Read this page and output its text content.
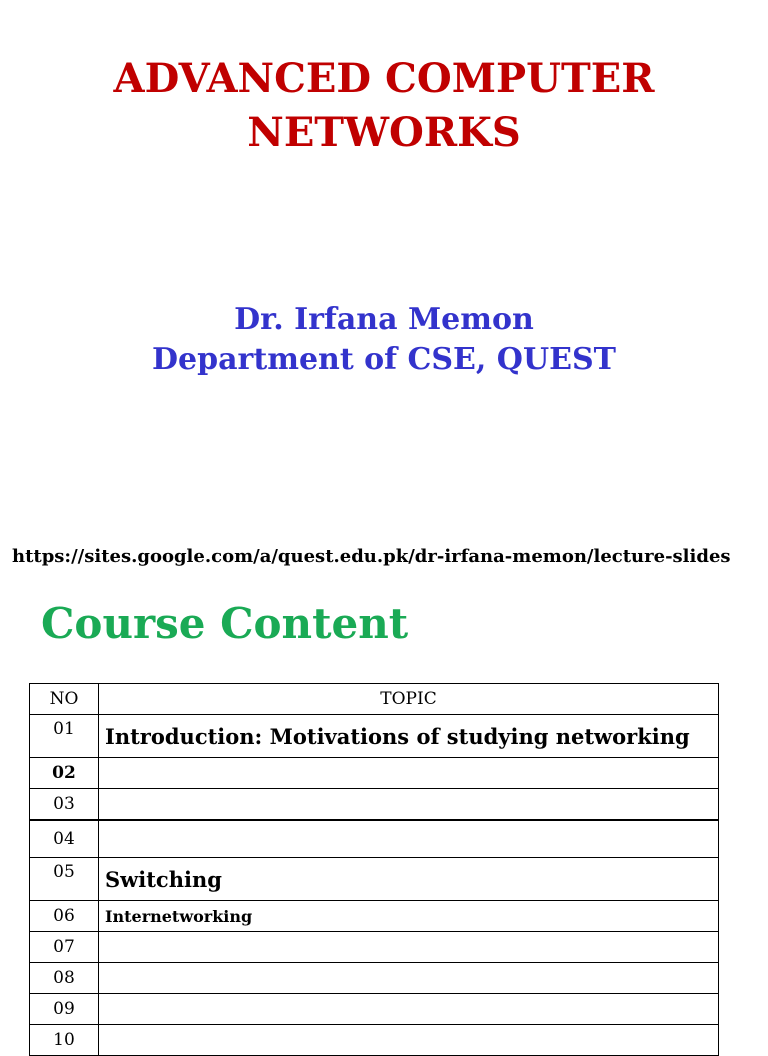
ADVANCED COMPUTER
NETWORKS
Dr. Irfana Memon
Department of CSE, QUEST
https://sites.google.com/a/quest.edu.pk/dr-irfana-memon/lecture-slides
Course Content
NO	TOPIC
01	Introduction: Motivations of studying networking
02	
03	
04	
05	Switching
06	Internetworking
07	
08	
09	
10	
